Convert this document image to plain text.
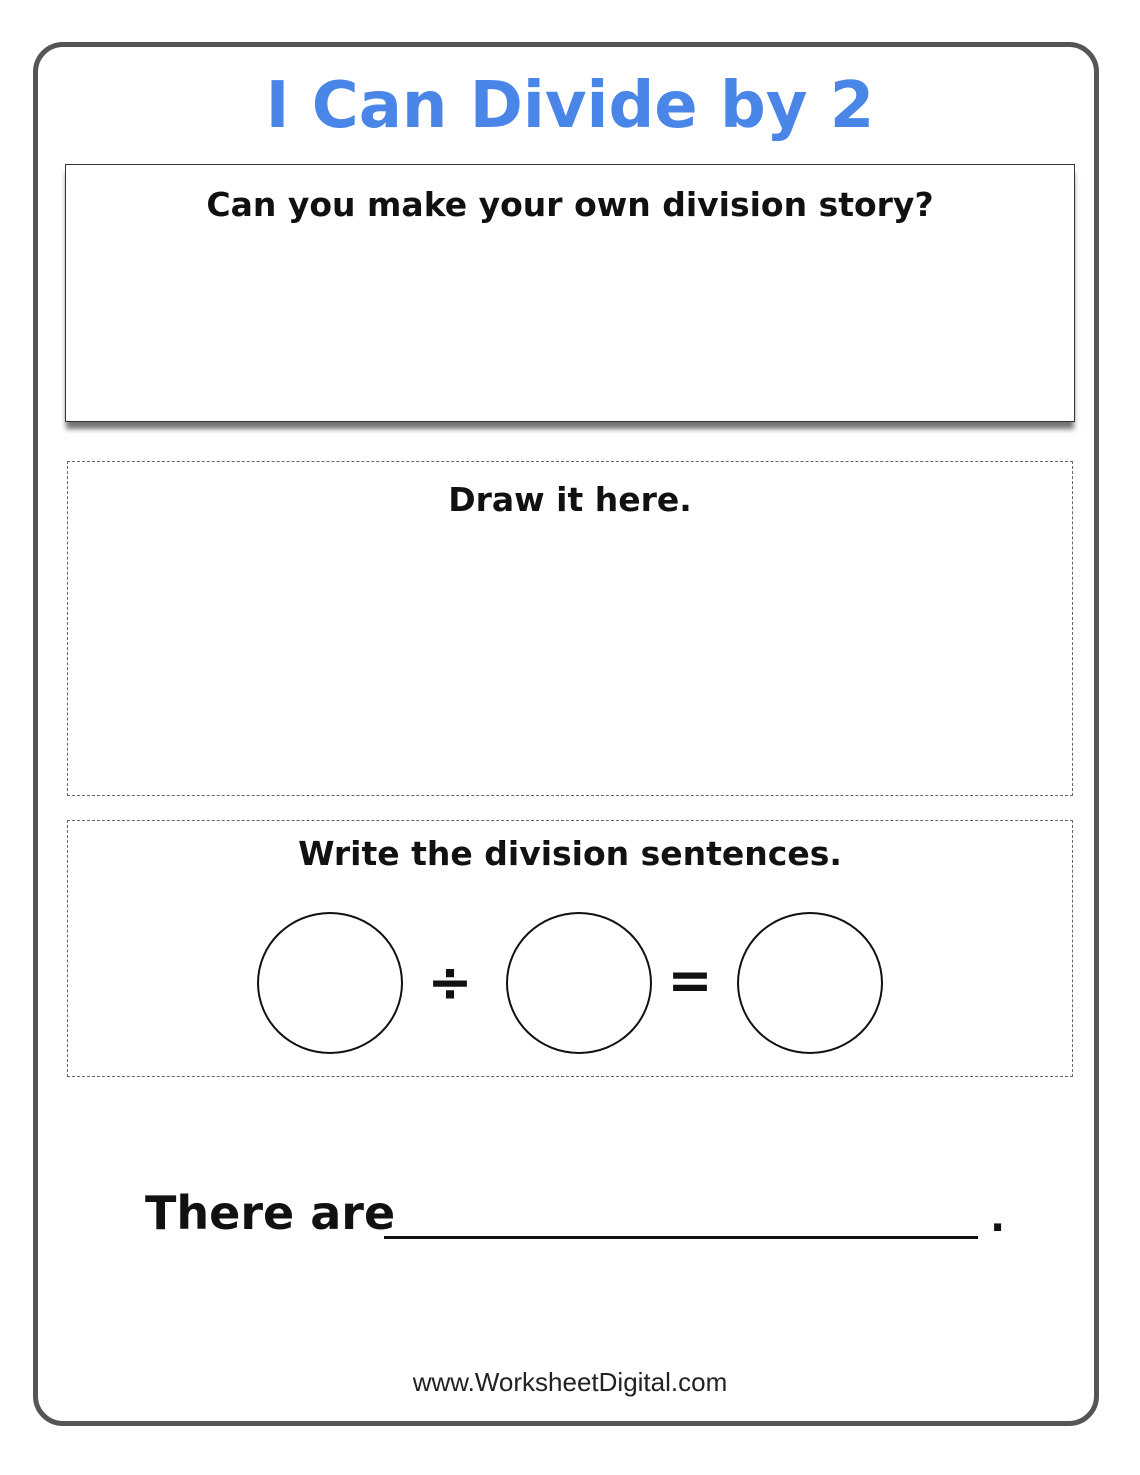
I Can Divide by 2
Can you make your own division story?
Draw it here.
Write the division sentences.
÷	=
There are	.
www.WorksheetDigital.com
